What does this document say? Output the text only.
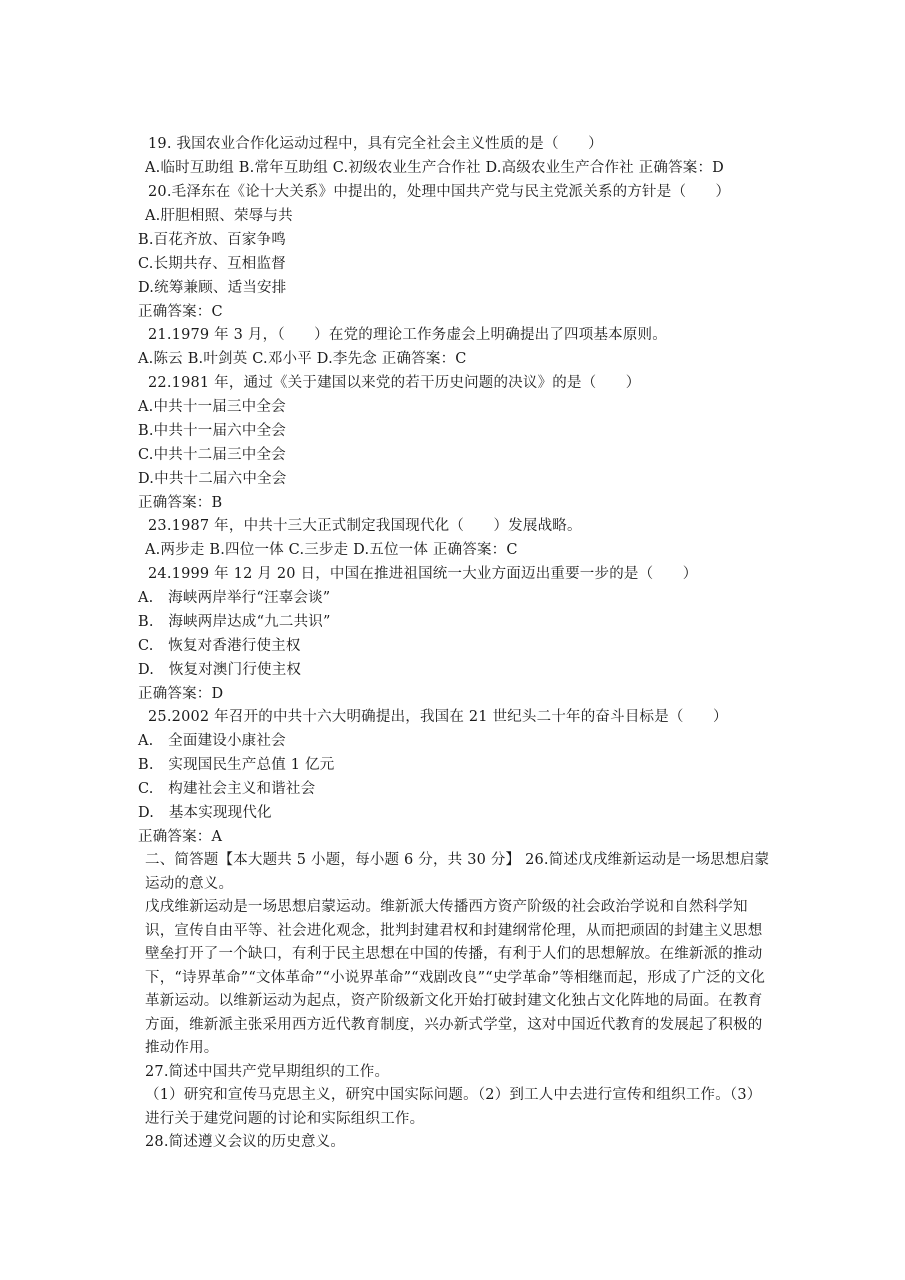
19. 我国农业合作化运动过程中，具有完全社会主义性质的是（　　）
A.临时互助组 B.常年互助组 C.初级农业生产合作社 D.高级农业生产合作社 正确答案：D
20.毛泽东在《论十大关系》中提出的，处理中国共产党与民主党派关系的方针是（　　）
A.肝胆相照、荣辱与共
B.百花齐放、百家争鸣
C.长期共存、互相监督
D.统筹兼顾、适当安排
正确答案：C
21.1979 年 3 月，（　　）在党的理论工作务虚会上明确提出了四项基本原则。
A.陈云 B.叶剑英 C.邓小平 D.李先念 正确答案：C
22.1981 年，通过《关于建国以来党的若干历史问题的决议》的是（　　）
A.中共十一届三中全会
B.中共十一届六中全会
C.中共十二届三中全会
D.中共十二届六中全会
正确答案：B
23.1987 年，中共十三大正式制定我国现代化（　　）发展战略。
A.两步走 B.四位一体 C.三步走 D.五位一体 正确答案：C
24.1999 年 12 月 20 日，中国在推进祖国统一大业方面迈出重要一步的是（　　）
A.　海峡两岸举行“汪辜会谈”
B.　海峡两岸达成“九二共识”
C.　恢复对香港行使主权
D.　恢复对澳门行使主权
正确答案：D
25.2002 年召开的中共十六大明确提出，我国在 21 世纪头二十年的奋斗目标是（　　）
A.　全面建设小康社会
B.　实现国民生产总值 1 亿元
C.　构建社会主义和谐社会
D.　基本实现现代化
正确答案：A
二、简答题【本大题共 5 小题，每小题 6 分，共 30 分】 26.简述戊戌维新运动是一场思想启蒙运动的意义。
戊戌维新运动是一场思想启蒙运动。维新派大传播西方资产阶级的社会政治学说和自然科学知识，宣传自由平等、社会进化观念，批判封建君权和封建纲常伦理，从而把顽固的封建主义思想壁垒打开了一个缺口，有利于民主思想在中国的传播，有利于人们的思想解放。在维新派的推动下，“诗界革命”“文体革命”“小说界革命”“戏剧改良”“史学革命”等相继而起，形成了广泛的文化革新运动。以维新运动为起点，资产阶级新文化开始打破封建文化独占文化阵地的局面。在教育方面，维新派主张采用西方近代教育制度，兴办新式学堂，这对中国近代教育的发展起了积极的推动作用。
27.简述中国共产党早期组织的工作。
（1）研究和宣传马克思主义，研究中国实际问题。（2）到工人中去进行宣传和组织工作。（3）进行关于建党问题的讨论和实际组织工作。
28.简述遵义会议的历史意义。
